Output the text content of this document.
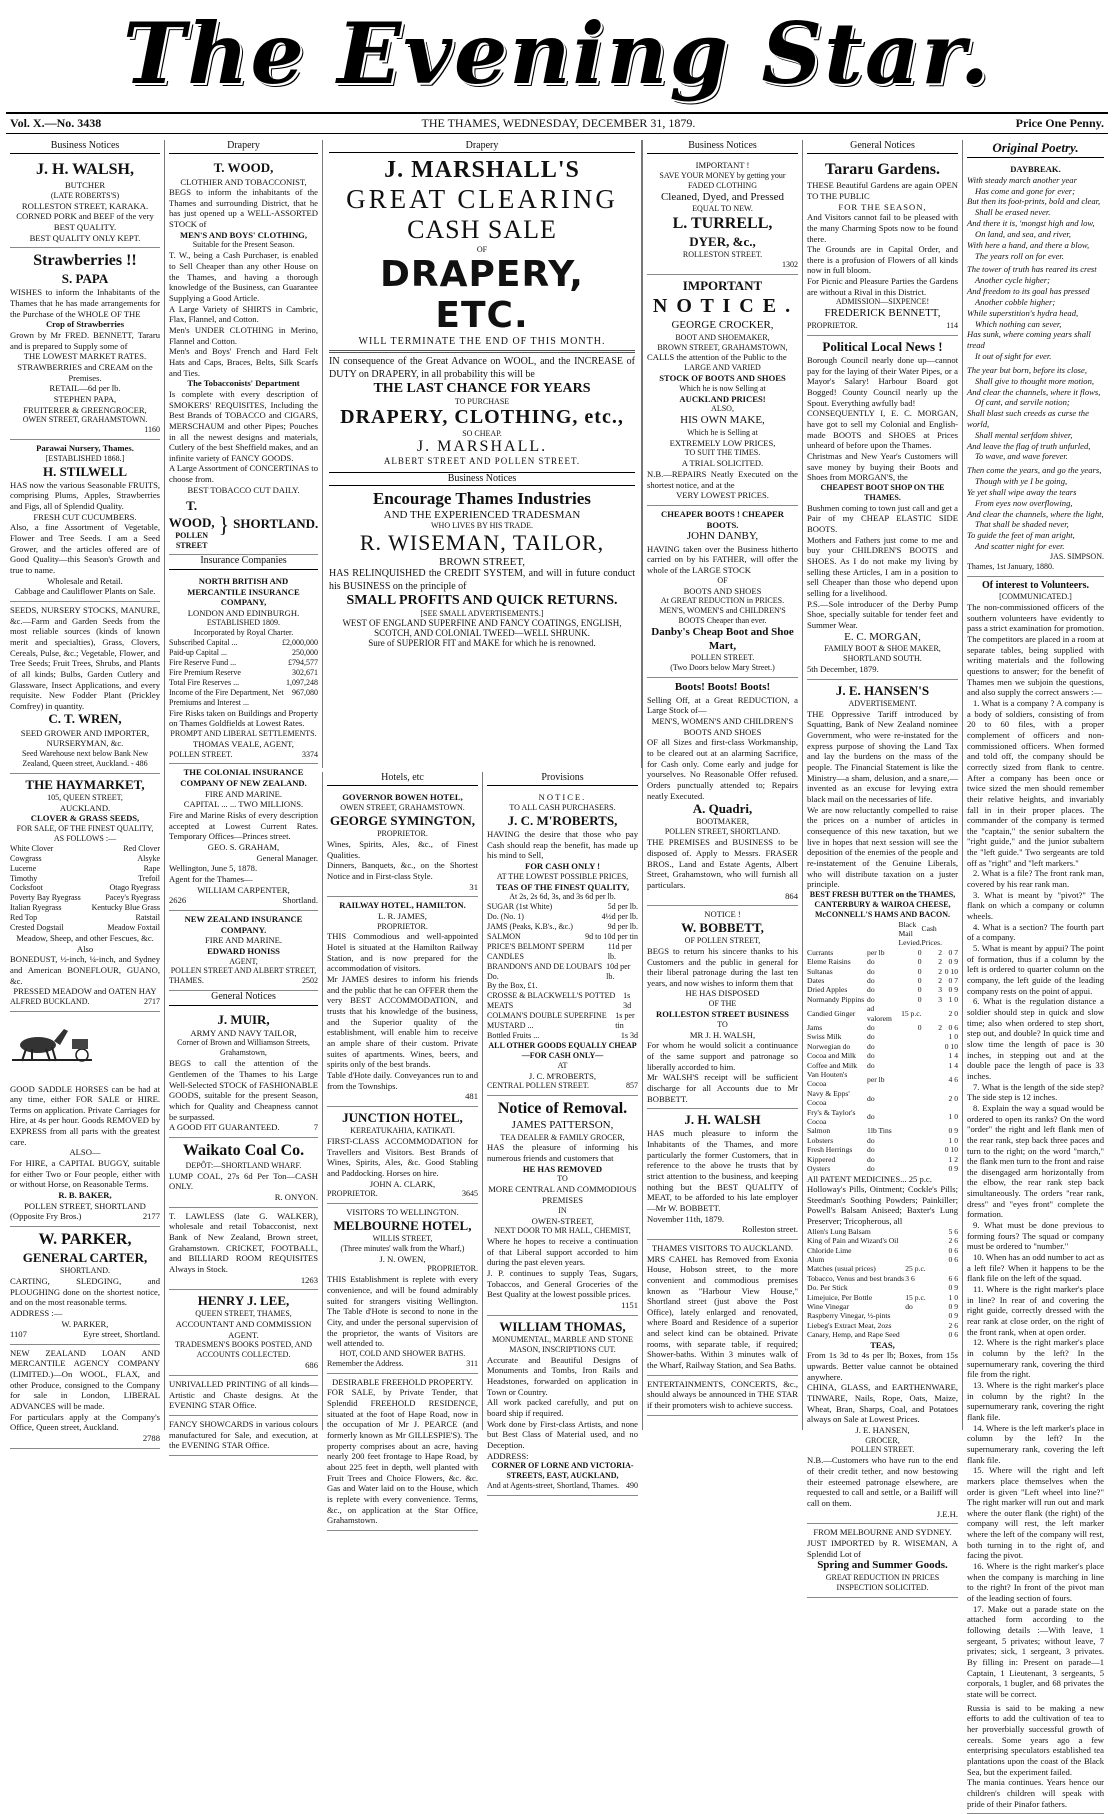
The Evening Star.
Vol. X.—No. 3438	THE THAMES, WEDNESDAY, DECEMBER 31, 1879.	Price One Penny.
Business Notices
J. H. WALSH,
BUTCHER
(LATE ROBERTS'S)
ROLLESTON STREET, KARAKA.
CORNED PORK and BEEF of the very BEST QUALITY.
BEST QUALITY ONLY KEPT.
Strawberries !!
S. PAPA
WISHES to inform the Inhabitants of the Thames that he has made arrangements for the Purchase of the WHOLE OF THE
Crop of Strawberries
Grown by Mr FRED. BENNETT, Tararu and is prepared to Supply some of
THE LOWEST MARKET RATES.
STRAWBERRIES and CREAM on the Premises.
RETAIL—6d per lb.
STEPHEN PAPA,
FRUITERER & GREENGROCER,
OWEN STREET, GRAHAMSTOWN.
1160
Parawai Nursery, Thames.
[ESTABLISHED 1868.]
H. STILWELL
HAS now the various Seasonable FRUITS, comprising Plums, Apples, Strawberries and Figs, all of Splendid Quality.
FRESH CUT CUCUMBERS.
Also, a fine Assortment of Vegetable, Flower and Tree Seeds. I am a Seed Grower, and the articles offered are of Good Quality—this Season's Growth and true to name.
Wholesale and Retail.
Cabbage and Cauliflower Plants on Sale.
SEEDS, NURSERY STOCKS, MANURE, &c.—Farm and Garden Seeds from the most reliable sources (kinds of known merit and specialties), Grass, Clovers, Cereals, Pulse, &c.; Vegetable, Flower, and Tree Seeds; Fruit Trees, Shrubs, and Plants of all kinds; Bulbs, Garden Cutlery and Glassware, Insect Applications, and every requisite. New Fodder Plant (Prickley Comfrey) in quantity.
C. T. WREN,
SEED GROWER AND IMPORTER, NURSERYMAN, &c.
Seed Warehouse next below Bank New Zealand, Queen street, Auckland. - 486
THE HAYMARKET,
105, QUEEN STREET,
AUCKLAND.
CLOVER & GRASS SEEDS,
FOR SALE, OF THE FINEST QUALITY,
AS FOLLOWS :—
White Clover	Red Clover
Cowgrass	Alsyke
Lucerne	Rape
Timothy	Trefoil
Cocksfoot	Otago Ryegrass
Poverty Bay Ryegrass	Pacey's Ryegrass
Italian Ryegrass	Kentucky Blue Grass
Red Top	Ratstail
Crested Dogstail	Meadow Foxtail
Meadow, Sheep, and other Fescues, &c.
Also
BONEDUST, ½-inch, ¼-inch, and Sydney and American BONEFLOUR, GUANO, &c.
PRESSED MEADOW and OATEN HAY
ALFRED BUCKLAND.	2717
GOOD SADDLE HORSES can be had at any time, either FOR SALE or HIRE. Terms on application. Private Carriages for Hire, at 4s per hour. Goods REMOVED by EXPRESS from all parts with the greatest care.
ALSO—
For HIRE, a CAPITAL BUGGY, suitable for either Two or Four people, either with or without Horse, on Reasonable Terms.
R. B. BAKER,
POLLEN STREET, SHORTLAND
(Opposite Fry Bros.)	2177
W. PARKER,
GENERAL CARTER,
SHORTLAND.
CARTING, SLEDGING, and PLOUGHING done on the shortest notice, and on the most reasonable terms.
ADDRESS :—
W. PARKER,
1107	Eyre street, Shortland.
NEW ZEALAND LOAN AND MERCANTILE AGENCY COMPANY (LIMITED.)—On WOOL, FLAX, and other Produce, consigned to the Company for sale in London, LIBERAL ADVANCES will be made.
For particulars apply at the Company's Office, Queen street, Auckland.
2788
Drapery
T. WOOD,
CLOTHIER AND TOBACCONIST,
BEGS to inform the inhabitants of the Thames and surrounding District, that he has just opened up a WELL-ASSORTED STOCK of
MEN'S AND BOYS' CLOTHING,
Suitable for the Present Season.
T. W., being a Cash Purchaser, is enabled to Sell Cheaper than any other House on the Thames, and having a thorough knowledge of the Business, can Guarantee Supplying a Good Article.
A Large Variety of SHIRTS in Cambric, Flax, Flannel, and Cotton.
Men's UNDER CLOTHING in Merino, Flannel and Cotton.
Men's and Boys' French and Hard Felt Hats and Caps, Braces, Belts, Silk Scarfs and Ties.
The Tobacconists' Department
Is complete with every description of SMOKERS' REQUISITES, Including the Best Brands of TOBACCO and CIGARS, MERSCHAUM and other Pipes; Pouches in all the newest designs and materials, Cutlery of the best Sheffield makes, and an infinite variety of FANCY GOODS.
A Large Assortment of CONCERTINAS to choose from.
BEST TOBACCO CUT DAILY.
T. WOOD,
POLLEN STREET
} SHORTLAND.
Insurance Companies
NORTH BRITISH AND MERCANTILE INSURANCE COMPANY,
LONDON AND EDINBURGH.
ESTABLISHED 1809.
Incorporated by Royal Charter.
Subscribed Capital ...	£2,000,000
Paid-up Capital ...	250,000
Fire Reserve Fund ...	£794,577
Fire Premium Reserve	302,671
Total Fire Reserves ...	1,097,248
Income of the Fire Department, Net Premiums and Interest ...
967,080
Fire Risks taken on Buildings and Property on Thames Goldfields at Lowest Rates.
PROMPT AND LIBERAL SETTLEMENTS.
THOMAS VEALE, AGENT,
POLLEN STREET.	3374
THE COLONIAL INSURANCE COMPANY OF NEW ZEALAND.
FIRE AND MARINE.
CAPITAL ... ... TWO MILLIONS.
Fire and Marine Risks of every description accepted at Lowest Current Rates. Temporary Offices—Princes street.
GEO. S. GRAHAM,
General Manager.
Wellington, June 5, 1878.
Agent for the Thames—
WILLIAM CARPENTER,
2626	Shortland.
NEW ZEALAND INSURANCE COMPANY.
FIRE AND MARINE.
EDWARD HONISS
AGENT,
POLLEN STREET AND ALBERT STREET,
THAMES.	2502
General Notices
J. MUIR,
ARMY AND NAVY TAILOR,
Corner of Brown and Williamson Streets, Grahamstown,
BEGS to call the attention of the Gentlemen of the Thames to his Large Well-Selected STOCK of FASHIONABLE GOODS, suitable for the present Season, which for Quality and Cheapness cannot be surpassed.
A GOOD FIT GUARANTEED.	7
Waikato Coal Co.
DEPÔT:—SHORTLAND WHARF.
LUMP COAL, 27s 6d Per Ton—CASH ONLY.
R. ONYON.
T. LAWLESS (late G. WALKER), wholesale and retail Tobacconist, next Bank of New Zealand, Brown street, Grahamstown. CRICKET, FOOTBALL, and BILLIARD ROOM REQUISITES Always in Stock.
1263
HENRY J. LEE,
QUEEN STREET, THAMES,
ACCOUNTANT AND COMMISSION AGENT.
TRADESMEN'S BOOKS POSTED, AND ACCOUNTS COLLECTED.
686
UNRIVALLED PRINTING of all kinds—Artistic and Chaste designs. At the EVENING STAR Office.
FANCY SHOWCARDS in various colours manufactured for Sale, and execution, at the EVENING STAR Office.
Drapery
J. MARSHALL'S
GREAT CLEARING
CASH SALE
OF
DRAPERY, ETC.
WILL TERMINATE THE END OF THIS MONTH.
IN consequence of the Great Advance on WOOL, and the INCREASE of DUTY on DRAPERY, in all probability this will be
THE LAST CHANCE FOR YEARS
TO PURCHASE
DRAPERY, CLOTHING, etc.,
SO CHEAP.
J. MARSHALL.
ALBERT STREET AND POLLEN STREET.
Business Notices
Encourage Thames Industries
AND THE EXPERIENCED TRADESMAN
WHO LIVES BY HIS TRADE.
R. WISEMAN, TAILOR,
BROWN STREET,
HAS RELINQUISHED the CREDIT SYSTEM, and will in future conduct his BUSINESS on the principle of
SMALL PROFITS AND QUICK RETURNS.
[SEE SMALL ADVERTISEMENTS.]
WEST OF ENGLAND SUPERFINE AND FANCY COATINGS, ENGLISH, SCOTCH, AND COLONIAL TWEED—WELL SHRUNK.
Sure of SUPERIOR FIT and MAKE for which he is renowned.
Hotels, etc
GOVERNOR BOWEN HOTEL,
OWEN STREET, GRAHAMSTOWN.
GEORGE SYMINGTON,
PROPRIETOR.
Wines, Spirits, Ales, &c., of Finest Qualities.
Dinners, Banquets, &c., on the Shortest Notice and in First-class Style.
31
RAILWAY HOTEL, HAMILTON.
L. R. JAMES,
PROPRIETOR.
THIS Commodious and well-appointed Hotel is situated at the Hamilton Railway Station, and is now prepared for the accommodation of visitors.
Mr JAMES desires to inform his friends and the public that he can OFFER them the very BEST ACCOMMODATION, and trusts that his knowledge of the business, and the Superior quality of the establishment, will enable him to receive an ample share of their custom. Private suites of apartments. Wines, beers, and spirits only of the best brands.
Table d'Hote daily. Conveyances run to and from the Townships.
481
JUNCTION HOTEL,
KEREATUKAHIA, KATIKATI.
FIRST-CLASS ACCOMMODATION for Travellers and Visitors. Best Brands of Wines, Spirits, Ales, &c. Good Stabling and Paddocking. Horses on hire.
JOHN A. CLARK,
PROPRIETOR.	3645
VISITORS TO WELLINGTON.
MELBOURNE HOTEL,
WILLIS STREET,
(Three minutes' walk from the Wharf,)
J. N. OWEN,
PROPRIETOR.
THIS Establishment is replete with every convenience, and will be found admirably suited for strangers visiting Wellington. The Table d'Hote is second to none in the City, and under the personal supervision of the proprietor, the wants of Visitors are well attended to.
HOT, COLD AND SHOWER BATHS.
Remember the Address.	311
DESIRABLE FREEHOLD PROPERTY.
FOR SALE, by Private Tender, that Splendid FREEHOLD RESIDENCE, situated at the foot of Hape Road, now in the occupation of Mr J. PEARCE (and formerly known as Mr GILLESPIE'S). The property comprises about an acre, having nearly 200 feet frontage to Hape Road, by about 225 feet in depth, well planted with Fruit Trees and Choice Flowers, &c. &c. Gas and Water laid on to the House, which is replete with every convenience. Terms, &c., on application at the Star Office, Grahamstown.
Provisions
NOTICE.
TO ALL CASH PURCHASERS.
J. C. M'ROBERTS,
HAVING the desire that those who pay Cash should reap the benefit, has made up his mind to Sell,
FOR CASH ONLY !
AT THE LOWEST POSSIBLE PRICES,
TEAS OF THE FINEST QUALITY,
At 2s, 2s 6d, 3s, and 3s 6d per lb.
SUGAR (1st White)	5d per lb.
Do. (No. 1)	4½d per lb.
JAMS (Peaks, K.B's., &c.)	9d per lb.
SALMON	9d to 10d per tin
PRICE'S BELMONT SPERM CANDLES
11d per lb.
BRANDON'S AND DE LOUBAI'S Do.
10d per lb.
By the Box, £1.
CROSSE & BLACKWELL'S POTTED MEATS
1s 3d
COLMAN'S DOUBLE SUPERFINE MUSTARD ...
1s per tin
Bottled Fruits ...	1s 3d
ALL OTHER GOODS EQUALLY CHEAP —FOR CASH ONLY—
AT
J. C. M'ROBERTS,
CENTRAL POLLEN STREET.	857
Notice of Removal.
JAMES PATTERSON,
TEA DEALER & FAMILY GROCER,
HAS the pleasure of informing his numerous friends and customers that
HE HAS REMOVED
TO
MORE CENTRAL AND COMMODIOUS PREMISES
IN
OWEN-STREET,
NEXT DOOR TO MR HALL, CHEMIST,
Where he hopes to receive a continuation of that Liberal support accorded to him during the past eleven years.
J. P. continues to supply Teas, Sugars, Tobaccos, and General Groceries of the Best Quality at the lowest possible prices.
1151
WILLIAM THOMAS,
MONUMENTAL, MARBLE AND STONE MASON, INSCRIPTIONS CUT.
Accurate and Beautiful Designs of Monuments and Tombs, Iron Rails and Headstones, forwarded on application in Town or Country.
All work packed carefully, and put on board ship if required.
Work done by First-class Artists, and none but Best Class of Material used, and no Deception.
ADDRESS:
CORNER OF LORNE AND VICTORIA-STREETS, EAST, AUCKLAND,
And at Agents-street, Shortland, Thames. 490
Business Notices
IMPORTANT !
SAVE YOUR MONEY by getting your FADED CLOTHING
Cleaned, Dyed, and Pressed
EQUAL TO NEW.
L. TURRELL,
DYER, &c.,
ROLLESTON STREET.
1302
IMPORTANT
N O T I C E .
GEORGE CROCKER,
BOOT AND SHOEMAKER,
BROWN STREET, GRAHAMSTOWN,
CALLS the attention of the Public to the
LARGE AND VARIED
STOCK OF BOOTS AND SHOES
Which he is now Selling at
AUCKLAND PRICES!
ALSO,
HIS OWN MAKE,
Which he is Selling at
EXTREMELY LOW PRICES,
TO SUIT THE TIMES.
A TRIAL SOLICITED.
N.B.—REPAIRS Neatly Executed on the shortest notice, and at the
VERY LOWEST PRICES.
CHEAPER BOOTS ! CHEAPER BOOTS.
JOHN DANBY,
HAVING taken over the Business hitherto carried on by his FATHER, will offer the whole of the LARGE STOCK
OF
BOOTS AND SHOES
At GREAT REDUCTION in PRICES.
MEN'S, WOMEN'S and CHILDREN'S BOOTS Cheaper than ever.
Danby's Cheap Boot and Shoe Mart,
POLLEN STREET.
(Two Doors below Mary Street.)
Boots! Boots! Boots!
Selling Off, at a Great REDUCTION, a Large Stock of—
MEN'S, WOMEN'S AND CHILDREN'S BOOTS AND SHOES
OF all Sizes and first-class Workmanship, to be cleared out at an alarming Sacrifice, for Cash only. Come early and judge for yourselves. No Reasonable Offer refused. Orders punctually attended to; Repairs neatly Executed.
A. Quadri,
BOOTMAKER,
POLLEN STREET, SHORTLAND.
THE PREMISES and BUSINESS to be disposed of. Apply to Messrs. FRASER BROS., Land and Estate Agents, Albert Street, Grahamstown, who will furnish all particulars.
864
NOTICE !
W. BOBBETT,
OF POLLEN STREET,
BEGS to return his sincere thanks to his Customers and the public in general for their liberal patronage during the last ten years, and now wishes to inform them that
HE HAS DISPOSED
OF THE
ROLLESTON STREET BUSINESS
TO
MR J. H. WALSH,
For whom he would solicit a continuance of the same support and patronage so liberally accorded to him.
Mr WALSH'S receipt will be sufficient discharge for all Accounts due to Mr BOBBETT.
J. H. WALSH
HAS much pleasure to inform the Inhabitants of the Thames, and more particularly the former Customers, that in reference to the above he trusts that by strict attention to the business, and keeping nothing but the BEST QUALITY of MEAT, to be afforded to his late employer—Mr W. BOBBETT.
November 11th, 1879.
Rolleston street.
THAMES VISITORS TO AUCKLAND.
MRS CAHEL has Removed from Exonia House, Hobson street, to the more convenient and commodious premises known as "Harbour View House," Shortland street (just above the Post Office), lately enlarged and renovated, where Board and Residence of a superior and select kind can be obtained. Private rooms, with separate table, if required; Shower-baths. Within 3 minutes walk of the Wharf, Railway Station, and Sea Baths.
ENTERTAINMENTS, CONCERTS, &c., should always be announced in THE STAR if their promoters wish to achieve success.
General Notices
Tararu Gardens.
THESE Beautiful Gardens are again OPEN TO THE PUBLIC
FOR THE SEASON,
And Visitors cannot fail to be pleased with the many Charming Spots now to be found there.
The Grounds are in Capital Order, and there is a profusion of Flowers of all kinds now in full bloom.
For Picnic and Pleasure Parties the Gardens are without a Rival in this District.
ADMISSION—SIXPENCE!
FREDERICK BENNETT,
PROPRIETOR.	114
Political Local News !
Borough Council nearly done up—cannot pay for the laying of their Water Pipes, or a Mayor's Salary! Harbour Board got Bogged! County Council nearly up the Spout. Everything awfully bad!
CONSEQUENTLY I, E. C. MORGAN, have got to sell my Colonial and English-made BOOTS and SHOES at Prices unheard of before upon the Thames.
Christmas and New Year's Customers will save money by buying their Boots and Shoes from MORGAN'S, the
CHEAPEST BOOT SHOP ON THE THAMES.
Bushmen coming to town just call and get a Pair of my CHEAP ELASTIC SIDE BOOTS.
Mothers and Fathers just come to me and buy your CHILDREN'S BOOTS and SHOES. As I do not make my living by selling these Articles, I am in a position to sell Cheaper than those who depend upon selling for a livelihood.
P.S.—Sole introducer of the Derby Pump Shoe, specially suitable for tender feet and Summer Wear.
E. C. MORGAN,
FAMILY BOOT & SHOE MAKER,
SHORTLAND SOUTH.
5th December, 1879.
J. E. HANSEN'S
ADVERTISEMENT.
THE Oppressive Tariff introduced by Squatting, Bank of New Zealand nominee Government, who were re-instated for the express purpose of shoving the Land Tax and lay the burdens on the mass of the people. The Financial Statement is like the Ministry—a sham, delusion, and a snare,—invented as an excuse for levying extra black mail on the necessaries of life.
We are now reluctantly compelled to raise the prices on a number of articles in consequence of this new taxation, but we live in hopes that next session will see the deposition of the enemies of the people and re-instatement of the Genuine Liberals, who will distribute taxation on a juster principle.
BEST FRESH BUTTER on the THAMES, CANTERBURY & WAIROA CHEESE, McCONNELL'S HAMS AND BACON.
		Black Mail	Cash	
		Levied.	Prices.	
Currants	per lb	0	2	0 7
Eleme Raisins	do	0	2	0 9
Sultanas	do	0	2	0 10
Dates	do	0	2	0 7
Dried Apples	do	0	3	0 9
Normandy Pippins	do	0	3	1 0
Candied Ginger	ad valorem	15 p.c.		2 0
Jams	do	0	2	0 6
Swiss Milk	do			1 0
Norwegian do	do			0 10
Cocoa and Milk	do			1 4
Coffee and Milk	do			1 4
Van Houten's Cocoa	per lb			4 6
Navy & Epps' Cocoa	do			2 0
Fry's & Taylor's Cocoa	do			1 0
Salmon	1lb Tins			0 9
Lobsters	do			1 0
Fresh Herrings	do			0 10
Kippered	do			1 2
Oysters	do			0 9
All PATENT MEDICINES... 25 p.c.
Holloway's Pills, Ointment; Cockle's Pills; Steedman's Soothing Powders; Painkiller; Powell's Balsam Aniseed; Baxter's Lung Preserver; Tricopherous, all
Allen's Lung Balsam			5 6
King of Pain and Wizard's Oil			2 6
Chloride Lime			0 6
Alum			0 6
Matches (usual prices)	25 p.c.		
Tobacco, Venus and best brands	3 6		6 6
Do. Per Stick			0 9
Limejuice, Per Bottle	15 p.c.		1 0
Wine Vinegar	do		0 9
Raspberry Vinegar, ½-pints			0 9
Liebeg's Extract Meat, 2ozs			2 6
Canary, Hemp, and Rape Seed			0 6
TEAS,
From 1s 3d to 4s per lb; Boxes, from 15s upwards. Better value cannot be obtained anywhere.
CHINA, GLASS, and EARTHENWARE, TINWARE, Nails, Rope, Oats, Maize, Wheat, Bran, Sharps, Coal, and Potatoes always on Sale at Lowest Prices.
J. E. HANSEN,
GROCER,
POLLEN STREET.
N.B.—Customers who have run to the end of their credit tether, and now bestowing their esteemed patronage elsewhere, are requested to call and settle, or a Bailiff will call on them.
J.E.H.
FROM MELBOURNE AND SYDNEY.
JUST IMPORTED by R. WISEMAN, A Splendid Lot of
Spring and Summer Goods.
GREAT REDUCTION IN PRICES
INSPECTION SOLICITED.
Original Poetry.
DAYBREAK.
With steady march another year
Has come and gone for ever;
But then its foot-prints, bold and clear,
Shall be erased never.
And there it is, 'mongst high and low,
On land, and sea, and river,
With here a hand, and there a blow,
The years roll on for ever.
The tower of truth has reared its crest
Another cycle higher;
And freedom to its goal has pressed
Another cobble higher;
While superstition's hydra head,
Which nothing can sever,
Has sunk, where coming years shall tread
It out of sight for ever.
The year but born, before its close,
Shall give to thought more motion,
And clear the channels, where it flows,
Of cant, and servile notion;
Shall blast such creeds as curse the world,
Shall mental serfdom shiver,
And leave the flag of truth unfurled,
To wave, and wave forever.
Then come the years, and go the years,
Though with ye I be going,
Ye yet shall wipe away the tears
From eyes now overflowing,
And clear the channels, where the light,
That shall be shaded never,
To guide the feet of man aright,
And scatter night for ever.
JAS. SIMPSON.
Thames, 1st January, 1880.
Of interest to Volunteers.
[COMMUNICATED.]
The non-commissioned officers of the southern volunteers have evidently to pass a strict examination for promotion. The competitors are placed in a room at separate tables, being supplied with writing materials and the following questions to answer; for the benefit of Thames men we subjoin the questions, and also supply the correct answers :—
1. What is a company ? A company is a body of soldiers, consisting of from 20 to 60 files, with a proper complement of officers and non-commissioned officers. When formed and told off, the company should be correctly sized from flank to centre. After a company has been once or twice sized the men should remember their relative heights, and invariably fall in in their proper places. The commander of the company is termed the "captain," the senior subaltern the "right guide," and the junior subaltern the "left guide." Two sergeants are told off as "right" and "left markers."
2. What is a file? The front rank man, covered by his rear rank man.
3. What is meant by "pivot?" The flank on which a company or column wheels.
4. What is a section? The fourth part of a company.
5. What is meant by appui? The point of formation, thus if a column by the left is ordered to quarter column on the company, the left guide of the leading company rests on the point of appui.
6. What is the regulation distance a soldier should step in quick and slow time; also when ordered to step short, step out, and double? In quick time and slow time the length of pace is 30 inches, in stepping out and at the double pace the length of pace is 33 inches.
7. What is the length of the side step? The side step is 12 inches.
8. Explain the way a squad would be ordered to open its ranks? On the word "order" the right and left flank men of the rear rank, step back three paces and turn to the right; on the word "march," the flank men turn to the front and raise the disengaged arm horizontally from the elbow, the rear rank step back simultaneously. The orders "rear rank, dress" and "eyes front" complete the formation.
9. What must be done previous to forming fours? The squad or company must be ordered to "number."
10. When has an odd number to act as a left file? When it happens to be the flank file on the left of the squad.
11. Where is the right marker's place in line? In rear of and covering the right guide, correctly dressed with the rear rank at close order, on the right of the front rank, when at open order.
12. Where is the right marker's place in column by the left? In the supernumerary rank, covering the third file from the right.
13. Where is the right marker's place in column by the right? In the supernumerary rank, covering the right flank file.
14. Where is the left marker's place in column by the left? In the supernumerary rank, covering the left flank file.
15. Where will the right and left markers place themselves when the order is given "Left wheel into line?" The right marker will run out and mark where the outer flank (the right) of the company will rest, the left marker where the left of the company will rest, both turning in to the right of, and facing the pivot.
16. Where is the right marker's place when the company is marching in line to the right? In front of the pivot man of the leading section of fours.
17. Make out a parade state on the attached form according to the following details :—With leave, 1 sergeant, 5 privates; without leave, 7 privates; sick, 1 sergeant, 3 privates. By filling in: Present on parade—1 Captain, 1 Lieutenant, 3 sergeants, 5 corporals, 1 bugler, and 68 privates the state will be correct.
Russia is said to be making a new efforts to add the cultivation of tea to her proverbially successful growth of cereals. Some years ago a few enterprising speculators established tea plantations upon the coast of the Black Sea, but the experiment failed.
The mania continues. Years hence our children's children will speak with pride of their Pinafor fathers.
